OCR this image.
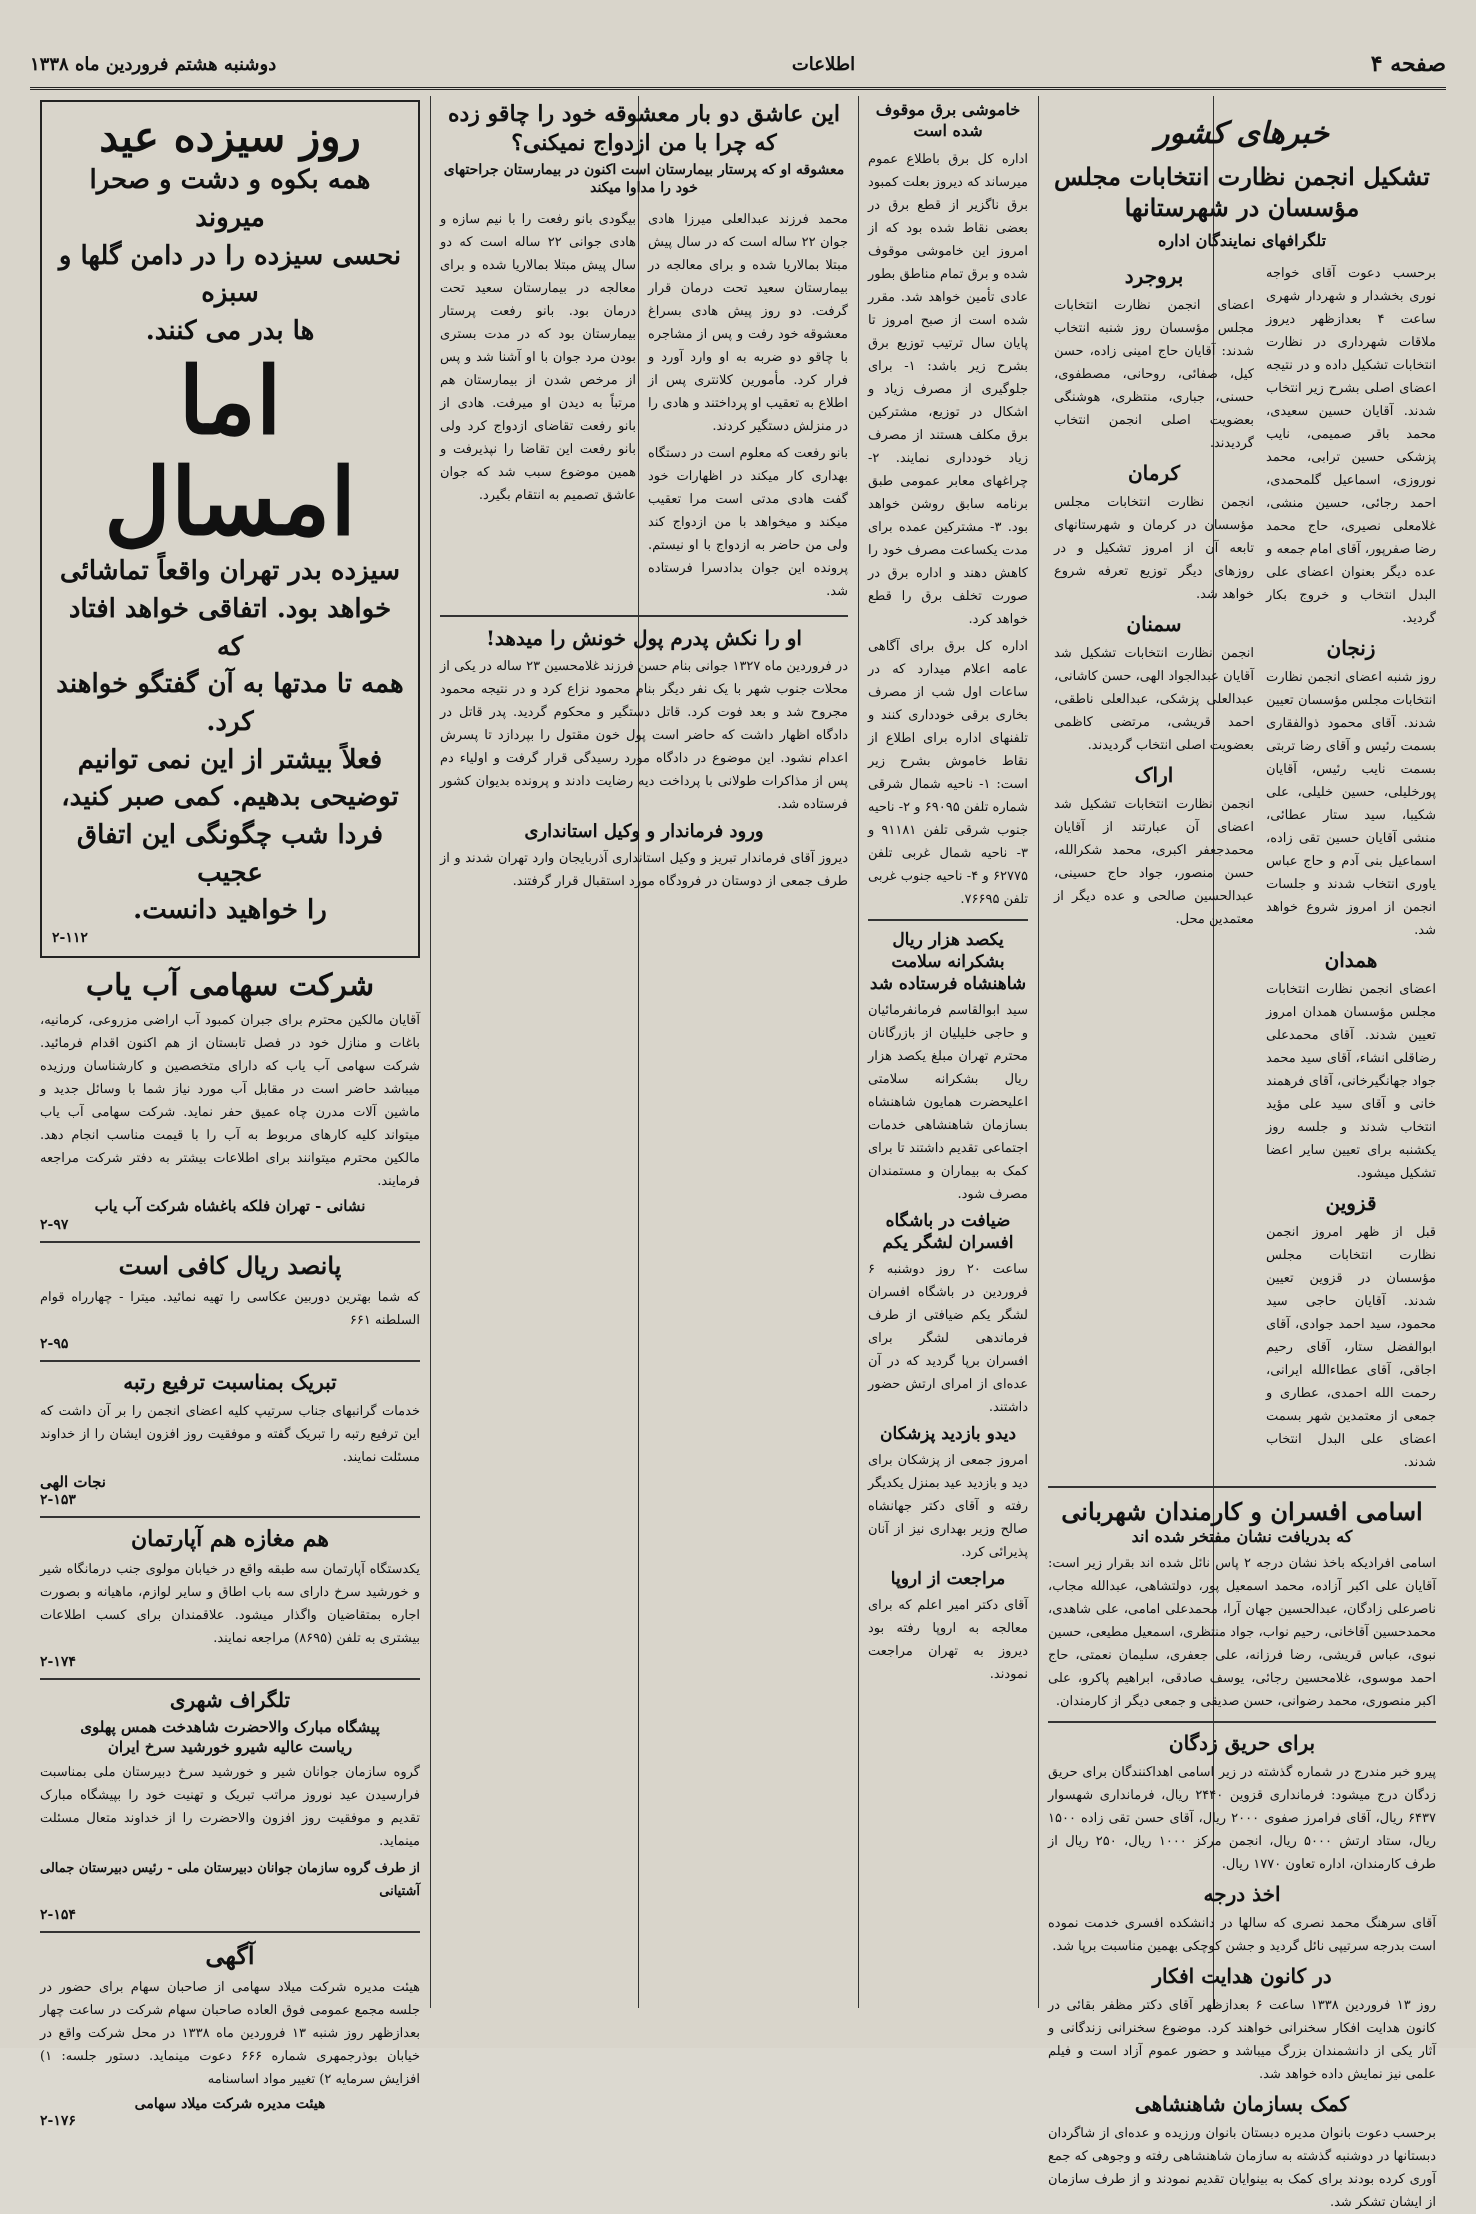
صفحه ۴
اطلاعات
دوشنبه هشتم فروردین ماه ۱۳۳۸
خبرهای کشور
تشکیل انجمن نظارت انتخابات مجلس مؤسسان در شهرستانها
تلگرافهای نمایندگان اداره
برحسب دعوت آقای خواجه نوری بخشدار و شهردار شهری ساعت ۴ بعدازظهر دیروز ملاقات شهرداری در نظارت انتخابات تشکیل داده و در نتیجه اعضای اصلی بشرح زیر انتخاب شدند. آقایان حسین سعیدی، محمد باقر صمیمی، نایب پزشکی حسین ترابی، محمد نوروزی، اسماعیل گلمحمدی، احمد رجائی، حسین منشی، غلامعلی نصیری، حاج محمد رضا صفرپور، آقای امام جمعه و عده دیگر بعنوان اعضای علی البدل انتخاب و خروج بکار گردید.
زنجان
روز شنبه اعضای انجمن نظارت انتخابات مجلس مؤسسان تعیین شدند. آقای محمود ذوالفقاری بسمت رئیس و آقای رضا تربتی بسمت نایب رئیس، آقایان پورخلیلی، حسین خلیلی، علی شکیبا، سید ستار عطائی، منشی آقایان حسین تقی زاده، اسماعیل بنی آدم و حاج عباس یاوری انتخاب شدند و جلسات انجمن از امروز شروع خواهد شد.
همدان
اعضای انجمن نظارت انتخابات مجلس مؤسسان همدان امروز تعیین شدند. آقای محمدعلی رضاقلی انشاء، آقای سید محمد جواد جهانگیرخانی، آقای فرهمند خانی و آقای سید علی مؤید انتخاب شدند و جلسه روز یکشنبه برای تعیین سایر اعضا تشکیل میشود.
قزوین
قبل از ظهر امروز انجمن نظارت انتخابات مجلس مؤسسان در قزوین تعیین شدند. آقایان حاجی سید محمود، سید احمد جوادی، آقای ابوالفضل ستار، آقای رحیم اجاقی، آقای عطاءالله ایرانی، رحمت الله احمدی، عطاری و جمعی از معتمدین شهر بسمت اعضای علی البدل انتخاب شدند.
بروجرد
اعضای انجمن نظارت انتخابات مجلس مؤسسان روز شنبه انتخاب شدند: آقایان حاج امینی زاده، حسن کیل، صفائی، روحانی، مصطفوی، حسنی، جباری، منتظری، هوشنگی بعضویت اصلی انجمن انتخاب گردیدند.
کرمان
انجمن نظارت انتخابات مجلس مؤسسان در کرمان و شهرستانهای تابعه آن از امروز تشکیل و در روزهای دیگر توزیع تعرفه شروع خواهد شد.
سمنان
انجمن نظارت انتخابات تشکیل شد آقایان عبدالجواد الهی، حسن کاشانی، عبدالعلی پزشکی، عبدالعلی ناطقی، احمد قریشی، مرتضی کاظمی بعضویت اصلی انتخاب گردیدند.
اراک
انجمن نظارت انتخابات تشکیل شد اعضای آن عبارتند از آقایان محمدجعفر اکبری، محمد شکرالله، حسن منصور، جواد حاج حسینی، عبدالحسین صالحی و عده دیگر از معتمدین محل.
اسامی افسران و کارمندان شهربانی
که بدریافت نشان مفتخر شده اند
اسامی افرادیکه باخذ نشان درجه ۲ پاس نائل شده اند بقرار زیر است: آقایان علی اکبر آزاده، محمد اسمعیل پور، دولتشاهی، عبدالله مجاب، ناصرعلی زادگان، عبدالحسین جهان آرا، محمدعلی امامی، علی شاهدی، محمدحسین آقاخانی، رحیم نواب، جواد منتظری، اسمعیل مطیعی، حسین نبوی، عباس قریشی، رضا فرزانه، علی جعفری، سلیمان نعمتی، حاج احمد موسوی، غلامحسین رجائی، یوسف صادقی، ابراهیم پاکرو، علی اکبر منصوری، محمد رضوانی، حسن صدیقی و جمعی دیگر از کارمندان.
برای حریق زدگان
پیرو خبر مندرج در شماره گذشته در زیر اسامی اهداکنندگان برای حریق زدگان درج میشود: فرمانداری قزوین ۲۴۴۰ ریال، فرمانداری شهسوار ۶۴۳۷ ریال، آقای فرامرز صفوی ۲۰۰۰ ریال، آقای حسن تقی زاده ۱۵۰۰ ریال، ستاد ارتش ۵۰۰۰ ریال، انجمن مرکز ۱۰۰۰ ریال، ۲۵۰ ریال از طرف کارمندان، اداره تعاون ۱۷۷۰ ریال.
اخذ درجه
آقای سرهنگ محمد نصری که سالها در دانشکده افسری خدمت نموده است بدرجه سرتیپی نائل گردید و جشن کوچکی بهمین مناسبت برپا شد.
در کانون هدایت افکار
روز ۱۳ فروردین ۱۳۳۸ ساعت ۶ بعدازظهر آقای دکتر مظفر بقائی در کانون هدایت افکار سخنرانی خواهند کرد. موضوع سخنرانی زندگانی و آثار یکی از دانشمندان بزرگ میباشد و حضور عموم آزاد است و فیلم علمی نیز نمایش داده خواهد شد.
کمک بسازمان شاهنشاهی
برحسب دعوت بانوان مدیره دبستان بانوان ورزیده و عده‌ای از شاگردان دبستانها در دوشنبه گذشته به سازمان شاهنشاهی رفته و وجوهی که جمع آوری کرده بودند برای کمک به بینوایان تقدیم نمودند و از طرف سازمان از ایشان تشکر شد.
خاموشی برق موقوف شده است
اداره کل برق باطلاع عموم میرساند که دیروز بعلت کمبود برق ناگزیر از قطع برق در بعضی نقاط شده بود که از امروز این خاموشی موقوف شده و برق تمام مناطق بطور عادی تأمین خواهد شد. مقرر شده است از صبح امروز تا پایان سال ترتیب توزیع برق بشرح زیر باشد: ۱- برای جلوگیری از مصرف زیاد و اشکال در توزیع، مشترکین برق مکلف هستند از مصرف زیاد خودداری نمایند. ۲- چراغهای معابر عمومی طبق برنامه سابق روشن خواهد بود. ۳- مشترکین عمده برای مدت یکساعت مصرف خود را کاهش دهند و اداره برق در صورت تخلف برق را قطع خواهد کرد.
اداره کل برق برای آگاهی عامه اعلام میدارد که در ساعات اول شب از مصرف بخاری برقی خودداری کنند و تلفنهای اداره برای اطلاع از نقاط خاموش بشرح زیر است: ۱- ناحیه شمال شرقی شماره تلفن ۶۹۰۹۵ و ۲- ناحیه جنوب شرقی تلفن ۹۱۱۸۱ و ۳- ناحیه شمال غربی تلفن ۶۲۷۷۵ و ۴- ناحیه جنوب غربی تلفن ۷۶۶۹۵.
یکصد هزار ریال بشکرانه سلامت شاهنشاه فرستاده شد
سید ابوالقاسم فرمانفرمائیان و حاجی خلیلیان از بازرگانان محترم تهران مبلغ یکصد هزار ریال بشکرانه سلامتی اعلیحضرت همایون شاهنشاه بسازمان شاهنشاهی خدمات اجتماعی تقدیم داشتند تا برای کمک به بیماران و مستمندان مصرف شود.
ضیافت در باشگاه افسران لشگر یکم
ساعت ۲۰ روز دوشنبه ۶ فروردین در باشگاه افسران لشگر یکم ضیافتی از طرف فرماندهی لشگر برای افسران برپا گردید که در آن عده‌ای از امرای ارتش حضور داشتند.
دیدو بازدید پزشکان
امروز جمعی از پزشکان برای دید و بازدید عید بمنزل یکدیگر رفته و آقای دکتر جهانشاه صالح وزیر بهداری نیز از آنان پذیرائی کرد.
مراجعت از اروپا
آقای دکتر امیر اعلم که برای معالجه به اروپا رفته بود دیروز به تهران مراجعت نمودند.
این عاشق دو بار معشوقه خود را چاقو زده که چرا با من ازدواج نمیکنی؟
معشوقه او که پرستار بیمارستان است اکنون در بیمارستان جراحتهای خود را مداوا میکند
محمد فرزند عبدالعلی میرزا هادی جوان ۲۲ ساله است که در سال پیش مبتلا بمالاریا شده و برای معالجه در بیمارستان سعید تحت درمان قرار گرفت. دو روز پیش هادی بسراغ معشوقه خود رفت و پس از مشاجره با چاقو دو ضربه به او وارد آورد و فرار کرد. مأمورین کلانتری پس از اطلاع به تعقیب او پرداختند و هادی را در منزلش دستگیر کردند.
بانو رفعت که معلوم است در دستگاه بهداری کار میکند در اظهارات خود گفت هادی مدتی است مرا تعقیب میکند و میخواهد با من ازدواج کند ولی من حاضر به ازدواج با او نیستم. پرونده این جوان بدادسرا فرستاده شد.
بیگودی بانو رفعت را با نیم سازه و هادی جوانی ۲۲ ساله است که دو سال پیش مبتلا بمالاریا شده و برای معالجه در بیمارستان سعید تحت درمان بود. بانو رفعت پرستار بیمارستان بود که در مدت بستری بودن مرد جوان با او آشنا شد و پس از مرخص شدن از بیمارستان هم مرتباً به دیدن او میرفت. هادی از بانو رفعت تقاضای ازدواج کرد ولی بانو رفعت این تقاضا را نپذیرفت و همین موضوع سبب شد که جوان عاشق تصمیم به انتقام بگیرد.
او را نکش پدرم پول خونش را میدهد!
در فروردین ماه ۱۳۲۷ جوانی بنام حسن فرزند غلامحسین ۲۳ ساله در یکی از محلات جنوب شهر با یک نفر دیگر بنام محمود نزاع کرد و در نتیجه محمود مجروح شد و بعد فوت کرد. قاتل دستگیر و محکوم گردید. پدر قاتل در دادگاه اظهار داشت که حاضر است پول خون مقتول را بپردازد تا پسرش اعدام نشود. این موضوع در دادگاه مورد رسیدگی قرار گرفت و اولیاء دم پس از مذاکرات طولانی با پرداخت دیه رضایت دادند و پرونده بدیوان کشور فرستاده شد.
ورود فرماندار و وکیل استانداری
دیروز آقای فرماندار تبریز و وکیل استانداری آذربایجان وارد تهران شدند و از طرف جمعی از دوستان در فرودگاه مورد استقبال قرار گرفتند.
روز سیزده عید
همه بکوه و دشت و صحرا میروند
نحسی سیزده را در دامن گلها و سبزه
ها بدر می کنند.
اما امسال
سیزده بدر تهران واقعاً تماشائی
خواهد بود. اتفاقی خواهد افتاد که
همه تا مدتها به آن گفتگو خواهند کرد.
فعلاً بیشتر از این نمی توانیم
توضیحی بدهیم. کمی صبر کنید،
فردا شب چگونگی این اتفاق عجیب
را خواهید دانست.
۲-۱۱۲
شرکت سهامی آب یاب
آقایان مالکین محترم برای جبران کمبود آب اراضی مزروعی، کرمانیه، باغات و منازل خود در فصل تابستان از هم اکنون اقدام فرمائید. شرکت سهامی آب یاب که دارای متخصصین و کارشناسان ورزیده میباشد حاضر است در مقابل آب مورد نیاز شما با وسائل جدید و ماشین آلات مدرن چاه عمیق حفر نماید. شرکت سهامی آب یاب میتواند کلیه کارهای مربوط به آب را با قیمت مناسب انجام دهد. مالکین محترم میتوانند برای اطلاعات بیشتر به دفتر شرکت مراجعه فرمایند.
نشانی - تهران فلکه باغشاه شرکت آب یاب
۲-۹۷
پانصد ریال کافی است
که شما بهترین دوربین عکاسی را تهیه نمائید. میترا - چهارراه قوام السلطنه ۶۶۱
۲-۹۵
تبریک بمناسبت ترفیع رتبه
خدمات گرانبهای جناب سرتیپ کلیه اعضای انجمن را بر آن داشت که این ترفیع رتبه را تبریک گفته و موفقیت روز افزون ایشان را از خداوند مسئلت نمایند.
نجات الهی
۲-۱۵۳
هم مغازه هم آپارتمان
یکدستگاه آپارتمان سه طبقه واقع در خیابان مولوی جنب درمانگاه شیر و خورشید سرخ دارای سه باب اطاق و سایر لوازم، ماهیانه و بصورت اجاره بمتقاضیان واگذار میشود. علاقمندان برای کسب اطلاعات بیشتری به تلفن (۸۶۹۵) مراجعه نمایند.
۲-۱۷۴
تلگراف شهری
پیشگاه مبارک والاحضرت شاهدخت همس پهلوی
ریاست عالیه شیرو خورشید سرخ ایران
گروه سازمان جوانان شیر و خورشید سرخ دبیرستان ملی بمناسبت فرارسیدن عید نوروز مراتب تبریک و تهنیت خود را بپیشگاه مبارک تقدیم و موفقیت روز افزون والاحضرت را از خداوند متعال مسئلت مینماید.
از طرف گروه سازمان جوانان دبیرستان ملی - رئیس دبیرستان جمالی آشتیانی
۲-۱۵۴
آگهی
هیئت مدیره شرکت میلاد سهامی از صاحبان سهام برای حضور در جلسه مجمع عمومی فوق العاده صاحبان سهام شرکت در ساعت چهار بعدازظهر روز شنبه ۱۳ فروردین ماه ۱۳۳۸ در محل شرکت واقع در خیابان بوذرجمهری شماره ۶۶۶ دعوت مینماید. دستور جلسه: ۱) افزایش سرمایه ۲) تغییر مواد اساسنامه
هیئت مدیره شرکت میلاد سهامی
۲-۱۷۶
